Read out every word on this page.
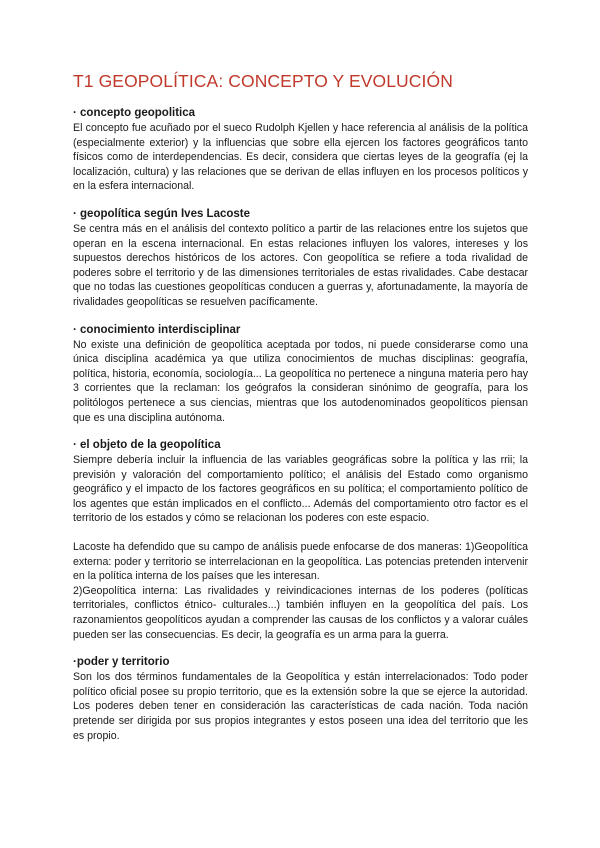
T1 GEOPOLÍTICA: CONCEPTO Y EVOLUCIÓN

· concepto geopolitica

El concepto fue acuñado por el sueco Rudolph Kjellen y hace referencia al análisis de la política (especialmente exterior) y la influencias que sobre ella ejercen los factores geográficos tanto físicos como de interdependencias. Es decir, considera que ciertas leyes de la geografía (ej la localización, cultura) y las relaciones que se derivan de ellas influyen en los procesos políticos y en la esfera internacional.

· geopolítica según Ives Lacoste

Se centra más en el análisis del contexto político a partir de las relaciones entre los sujetos que operan en la escena internacional. En estas relaciones influyen los valores, intereses y los supuestos derechos históricos de los actores. Con geopolítica se refiere a toda rivalidad de poderes sobre el territorio y de las dimensiones territoriales de estas rivalidades. Cabe destacar que no todas las cuestiones geopolíticas conducen a guerras y, afortunadamente, la mayoría de rivalidades geopolíticas se resuelven pacíficamente.

· conocimiento interdisciplinar

No existe una definición de geopolítica aceptada por todos, ni puede considerarse como una única disciplina académica ya que utiliza conocimientos de muchas disciplinas: geografía, política, historia, economía, sociología... La geopolítica no pertenece a ninguna materia pero hay 3 corrientes que la reclaman: los geógrafos la consideran sinónimo de geografía, para los politólogos pertenece a sus ciencias, mientras que los autodenominados geopolíticos piensan que es una disciplina autónoma.

· el objeto de la geopolítica

Siempre debería incluir la influencia de las variables geográficas sobre la política y las rrii; la previsión y valoración del comportamiento político; el análisis del Estado como organismo geográfico y el impacto de los factores geográficos en su política; el comportamiento político de los agentes que están implicados en el conflicto... Además del comportamiento otro factor es el territorio de los estados y cómo se relacionan los poderes con este espacio.

Lacoste ha defendido que su campo de análisis puede enfocarse de dos maneras: 1)Geopolítica externa: poder y territorio se interrelacionan en la geopolítica. Las potencias pretenden intervenir en la política interna de los países que les interesan.

2)Geopolítica interna: Las rivalidades y reivindicaciones internas de los poderes (políticas territoriales, conflictos étnico- culturales...) también influyen en la geopolítica del país. Los razonamientos geopolíticos ayudan a comprender las causas de los conflictos y a valorar cuáles pueden ser las consecuencias. Es decir, la geografía es un arma para la guerra.

·poder y territorio

Son los dos términos fundamentales de la Geopolítica y están interrelacionados: Todo poder político oficial posee su propio territorio, que es la extensión sobre la que se ejerce la autoridad. Los poderes deben tener en consideración las características de cada nación. Toda nación pretende ser dirigida por sus propios integrantes y estos poseen una idea del territorio que les es propio.
